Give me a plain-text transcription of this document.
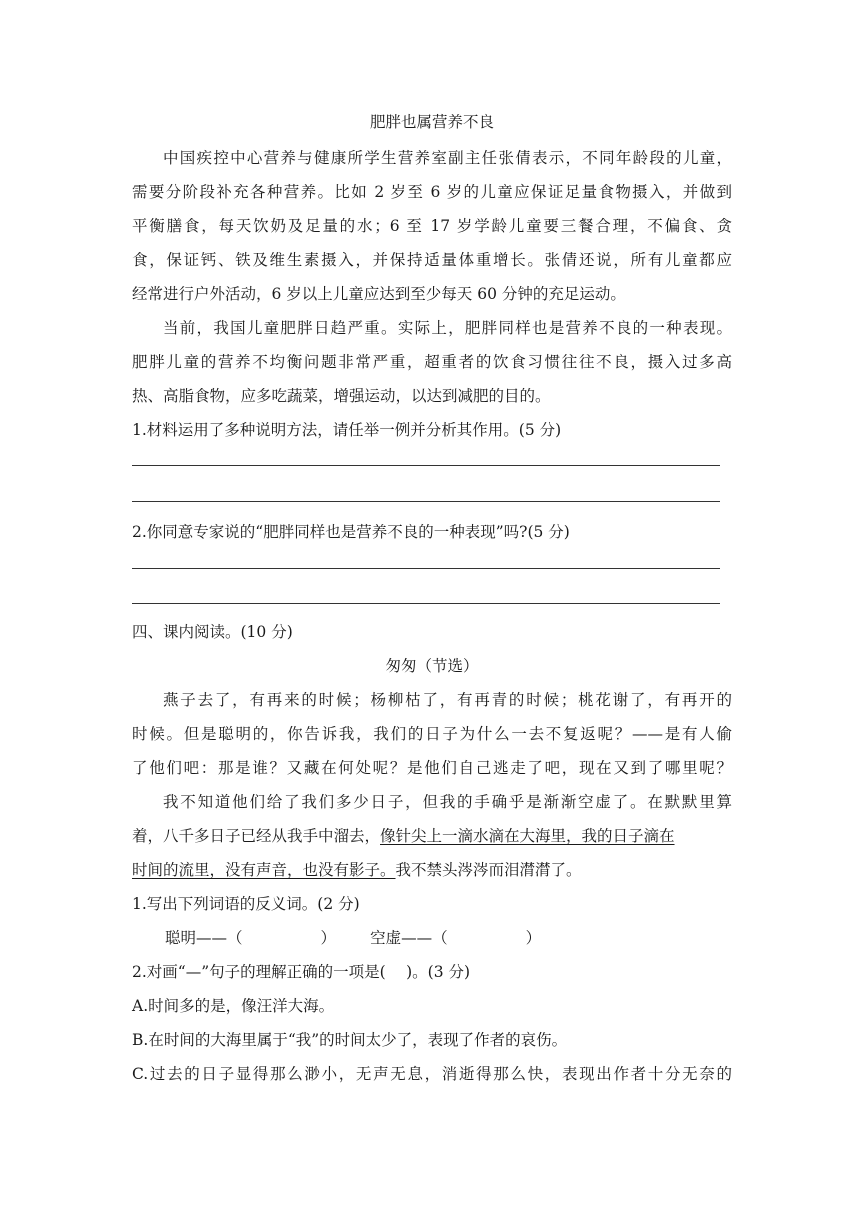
肥胖也属营养不良
中国疾控中心营养与健康所学生营养室副主任张倩表示，不同年龄段的儿童，
需要分阶段补充各种营养。比如 2 岁至 6 岁的儿童应保证足量食物摄入，并做到
平衡膳食，每天饮奶及足量的水；6 至 17 岁学龄儿童要三餐合理，不偏食、贪
食，保证钙、铁及维生素摄入，并保持适量体重增长。张倩还说，所有儿童都应
经常进行户外活动，6 岁以上儿童应达到至少每天 60 分钟的充足运动。
当前，我国儿童肥胖日趋严重。实际上，肥胖同样也是营养不良的一种表现。
肥胖儿童的营养不均衡问题非常严重，超重者的饮食习惯往往不良，摄入过多高
热、高脂食物，应多吃蔬菜，增强运动，以达到减肥的目的。
1.材料运用了多种说明方法，请任举一例并分析其作用。(5 分)
2.你同意专家说的“肥胖同样也是营养不良的一种表现”吗?(5 分)
四、课内阅读。(10 分)
匆匆（节选）
燕子去了，有再来的时候；杨柳枯了，有再青的时候；桃花谢了，有再开的
时候。但是聪明的，你告诉我，我们的日子为什么一去不复返呢？——是有人偷
了他们吧：那是谁？又藏在何处呢？是他们自己逃走了吧，现在又到了哪里呢？
我不知道他们给了我们多少日子，但我的手确乎是渐渐空虚了。在默默里算
着，八千多日子已经从我手中溜去，像针尖上一滴水滴在大海里，我的日子滴在
时间的流里，没有声音，也没有影子。我不禁头涔涔而泪潸潸了。
1.写出下列词语的反义词。(2 分)
聪明——（	） 空虚——（	）
2.对画“—”句子的理解正确的一项是(　 )。(3 分)
A.时间多的是，像汪洋大海。
B.在时间的大海里属于“我”的时间太少了，表现了作者的哀伤。
C.过去的日子显得那么渺小，无声无息，消逝得那么快，表现出作者十分无奈的
